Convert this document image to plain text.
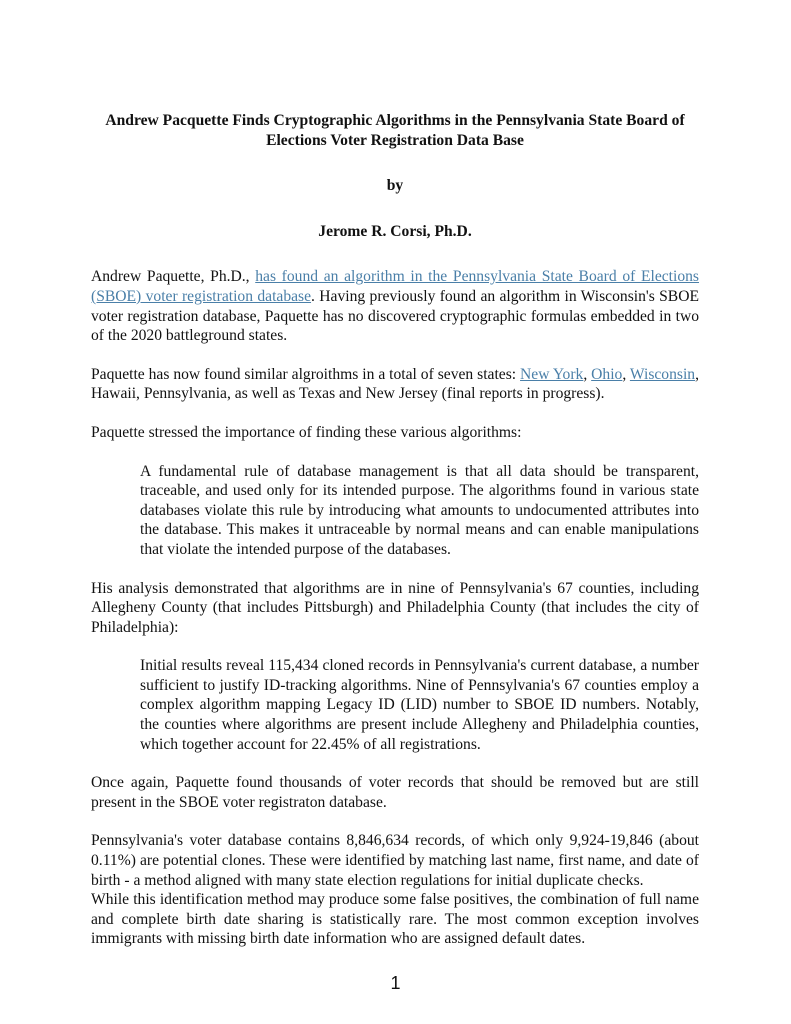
Andrew Pacquette Finds Cryptographic Algorithms in the Pennsylvania State Board of
Elections Voter Registration Data Base
by
Jerome R. Corsi, Ph.D.

Andrew Paquette, Ph.D., has found an algorithm in the Pennsylvania State Board of Elections (SBOE) voter registration database. Having previously found an algorithm in Wisconsin's SBOE voter registration database, Paquette has no discovered cryptographic formulas embedded in two of the 2020 battleground states.

Paquette has now found similar algroithms in a total of seven states: New York, Ohio, Wisconsin, Hawaii, Pennsylvania, as well as Texas and New Jersey (final reports in progress).

Paquette stressed the importance of finding these various algorithms:

A fundamental rule of database management is that all data should be transparent, traceable, and used only for its intended purpose. The algorithms found in various state databases violate this rule by introducing what amounts to undocumented attributes into the database. This makes it untraceable by normal means and can enable manipulations that violate the intended purpose of the databases.

His analysis demonstrated that algorithms are in nine of Pennsylvania's 67 counties, including Allegheny County (that includes Pittsburgh) and Philadelphia County (that includes the city of Philadelphia):

Initial results reveal 115,434 cloned records in Pennsylvania's current database, a number sufficient to justify ID-tracking algorithms. Nine of Pennsylvania's 67 counties employ a complex algorithm mapping Legacy ID (LID) number to SBOE ID numbers. Notably, the counties where algorithms are present include Allegheny and Philadelphia counties, which together account for 22.45% of all registrations.

Once again, Paquette found thousands of voter records that should be removed but are still present in the SBOE voter registraton database.

Pennsylvania's voter database contains 8,846,634 records, of which only 9,924-19,846 (about 0.11%) are potential clones. These were identified by matching last name, first name, and date of birth - a method aligned with many state election regulations for initial duplicate checks.

While this identification method may produce some false positives, the combination of full name and complete birth date sharing is statistically rare. The most common exception involves immigrants with missing birth date information who are assigned default dates.

1
